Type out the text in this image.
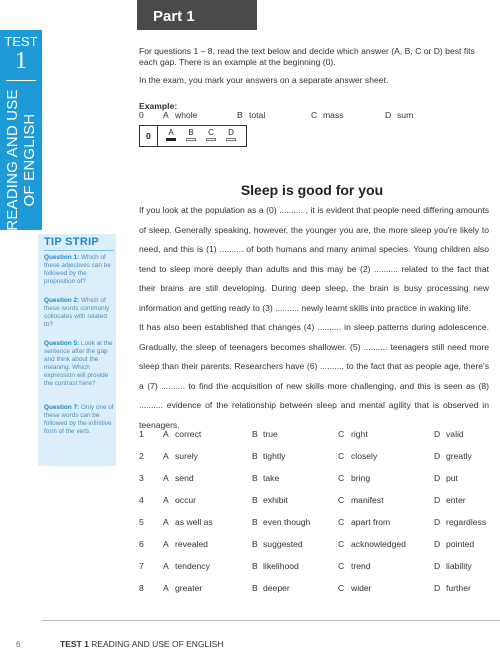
Part 1
TEST
1
READING AND USE OF ENGLISH
TIP STRIP
Question 1: Which of these adjectives can be followed by the preposition of?
Question 2: Which of these words commonly collocates with related to?
Question 5: Look at the sentence after the gap and think about the meaning. Which expression will provide the contrast here?
Question 7: Only one of these words can be followed by the infinitive form of the verb.
For questions 1 – 8, read the text below and decide which answer (A, B, C or D) best fits each gap. There is an example at the beginning (0).
In the exam, you mark your answers on a separate answer sheet.
Example:
0 A whole	B total	C mass	D sum
0	A	B	C	D
Sleep is good for you
If you look at the population as a (0) .......... , it is evident that people need differing amounts of sleep. Generally speaking, however, the younger you are, the more sleep you're likely to need, and this is (1) .......... of both humans and many animal species. Young children also tend to sleep more deeply than adults and this may be (2) .......... related to the fact that their brains are still developing. During deep sleep, the brain is busy processing new information and getting ready to (3) .......... newly learnt skills into practice in waking life.
It has also been established that changes (4) .......... in sleep patterns during adolescence. Gradually, the sleep of teenagers becomes shallower. (5) .......... teenagers still need more sleep than their parents. Researchers have (6) .......... to the fact that as people age, there's a (7) .......... to find the acquisition of new skills more challenging, and this is seen as (8) .......... evidence of the relationship between sleep and mental agility that is observed in teenagers.
1 A correct	B true	C right	D valid
2 A surely	B tightly	C closely	D greatly
3 A send	B take	C bring	D put
4 A occur	B exhibit	C manifest	D enter
5 A as well as	B even though	C apart from	D regardless
6 A revealed	B suggested	C acknowledged	D pointed
7 A tendency	B likelihood	C trend	D liability
8 A greater	B deeper	C wider	D further
6	TEST 1 READING AND USE OF ENGLISH
